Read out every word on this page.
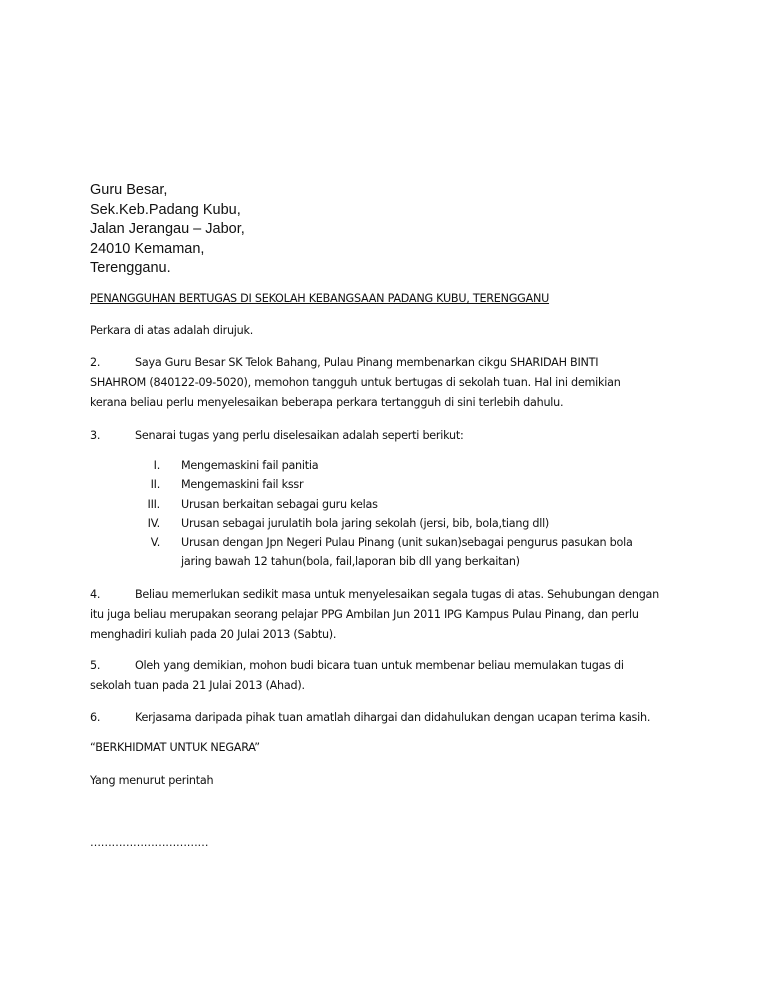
Guru Besar,
Sek.Keb.Padang Kubu,
Jalan Jerangau – Jabor,
24010 Kemaman,
Terengganu.
PENANGGUHAN BERTUGAS DI SEKOLAH KEBANGSAAN PADANG KUBU, TERENGGANU
Perkara di atas adalah dirujuk.
2.	Saya Guru Besar SK Telok Bahang, Pulau Pinang membenarkan cikgu SHARIDAH BINTI
SHAHROM (840122-09-5020), memohon tangguh untuk bertugas di sekolah tuan. Hal ini demikian
kerana beliau perlu menyelesaikan beberapa perkara tertangguh di sini terlebih dahulu.
3.	Senarai tugas yang perlu diselesaikan adalah seperti berikut:
I. Mengemaskini fail panitia
II. Mengemaskini fail kssr
III. Urusan berkaitan sebagai guru kelas
IV. Urusan sebagai jurulatih bola jaring sekolah (jersi, bib, bola,tiang dll)
V. Urusan dengan Jpn Negeri Pulau Pinang (unit sukan)sebagai pengurus pasukan bola
jaring bawah 12 tahun(bola, fail,laporan bib dll yang berkaitan)
4.	Beliau memerlukan sedikit masa untuk menyelesaikan segala tugas di atas. Sehubungan dengan
itu juga beliau merupakan seorang pelajar PPG Ambilan Jun 2011 IPG Kampus Pulau Pinang, dan perlu
menghadiri kuliah pada 20 Julai 2013 (Sabtu).
5.	Oleh yang demikian, mohon budi bicara tuan untuk membenar beliau memulakan tugas di
sekolah tuan pada 21 Julai 2013 (Ahad).
6.	Kerjasama daripada pihak tuan amatlah dihargai dan didahulukan dengan ucapan terima kasih.
“BERKHIDMAT UNTUK NEGARA”
Yang menurut perintah
……………………………
